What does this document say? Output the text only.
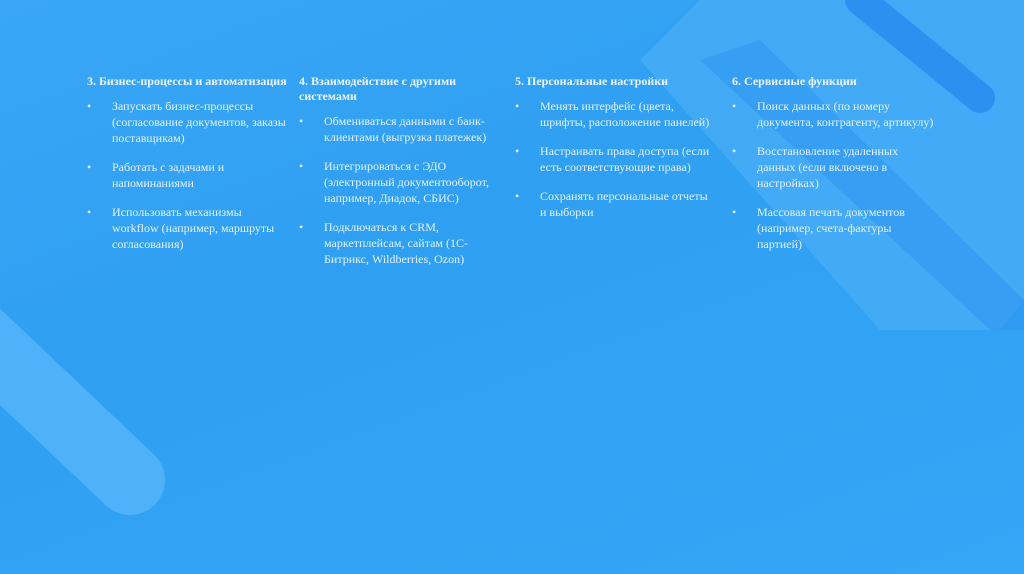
3. Бизнес-процессы и автоматизация
•	Запускать бизнес-процессы (согласование документов, заказы поставщикам)
•	Работать с задачами и напоминаниями
•	Использовать механизмы workflow (например, маршруты согласования)
4. Взаимодействие с другими системами
•	Обмениваться данными с банк-клиентами (выгрузка платежек)
•	Интегрироваться с ЭДО (электронный документооборот, например, Диадок, СБИС)
•	Подключаться к CRM, маркетплейсам, сайтам (1С-Битрикс, Wildberries, Ozon)
5. Персональные настройки
•	Менять интерфейс (цвета, шрифты, расположение панелей)
•	Настраивать права доступа (если есть соответствующие права)
•	Сохранять персональные отчеты и выборки
6. Сервисные функции
•	Поиск данных (по номеру документа, контрагенту, артикулу)
•	Восстановление удаленных данных (если включено в настройках)
•	Массовая печать документов (например, счета-фактуры партией)
